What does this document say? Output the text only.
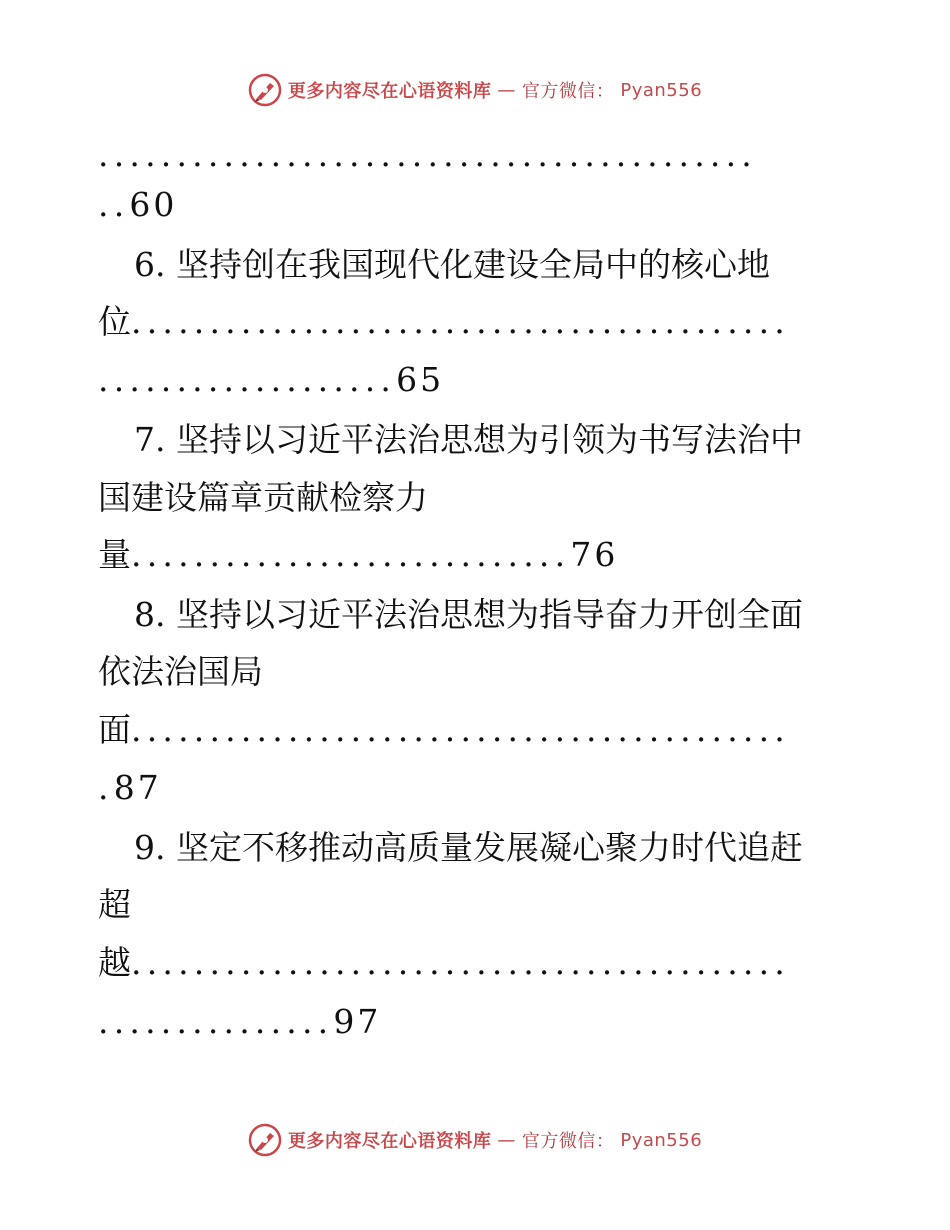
更多内容尽在心语资料库 — 官方微信： Pyan556
..........................................
..60
6. 坚持创在我国现代化建设全局中的核心地
位..........................................
...................65
7. 坚持以习近平法治思想为引领为书写法治中
国建设篇章贡献检察力
量............................76
8. 坚持以习近平法治思想为指导奋力开创全面
依法治国局
面..........................................
.87
9. 坚定不移推动高质量发展凝心聚力时代追赶
超
越..........................................
...............97
更多内容尽在心语资料库 — 官方微信： Pyan556
